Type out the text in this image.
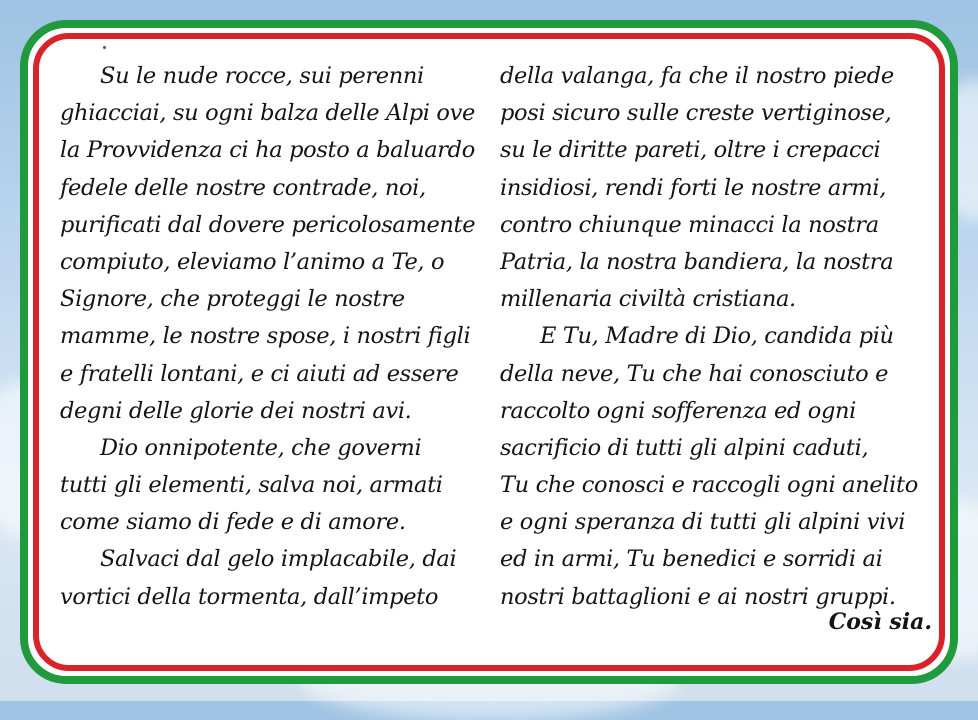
Su le nude rocce, sui perenni
ghiacciai, su ogni balza delle Alpi ove
la Provvidenza ci ha posto a baluardo
fedele delle nostre contrade, noi,
purificati dal dovere pericolosamente
compiuto, eleviamo l’animo a Te, o
Signore, che proteggi le nostre
mamme, le nostre spose, i nostri figli
e fratelli lontani, e ci aiuti ad essere
degni delle glorie dei nostri avi.
Dio onnipotente, che governi
tutti gli elementi, salva noi, armati
come siamo di fede e di amore.
Salvaci dal gelo implacabile, dai
vortici della tormenta, dall’impeto
della valanga, fa che il nostro piede
posi sicuro sulle creste vertiginose,
su le diritte pareti, oltre i crepacci
insidiosi, rendi forti le nostre armi,
contro chiunque minacci la nostra
Patria, la nostra bandiera, la nostra
millenaria civiltà cristiana.
E Tu, Madre di Dio, candida più
della neve, Tu che hai conosciuto e
raccolto ogni sofferenza ed ogni
sacrificio di tutti gli alpini caduti,
Tu che conosci e raccogli ogni anelito
e ogni speranza di tutti gli alpini vivi
ed in armi, Tu benedici e sorridi ai
nostri battaglioni e ai nostri gruppi.
Così sia.
